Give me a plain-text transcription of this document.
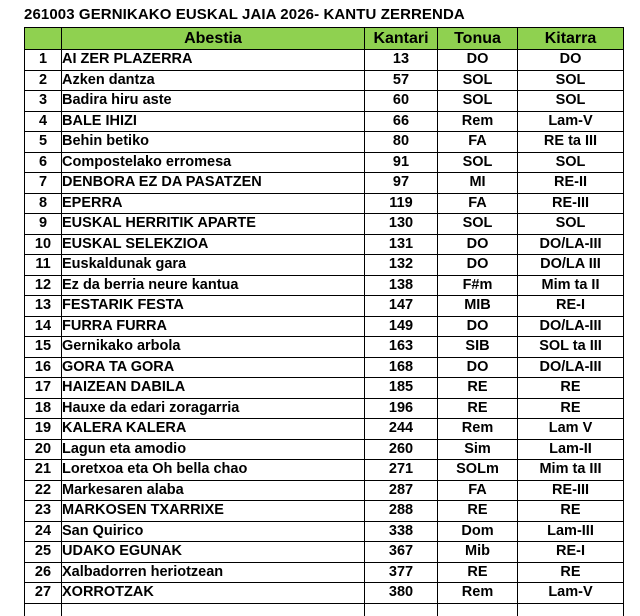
261003 GERNIKAKO EUSKAL JAIA 2026- KANTU ZERRENDA
	Abestia	Kantari	Tonua	Kitarra
1	AI ZER PLAZERRA	13	DO	DO
2	Azken dantza	57	SOL	SOL
3	Badira hiru aste	60	SOL	SOL
4	BALE IHIZI	66	Rem	Lam-V
5	Behin betiko	80	FA	RE ta III
6	Compostelako erromesa	91	SOL	SOL
7	DENBORA EZ DA PASATZEN	97	MI	RE-II
8	EPERRA	119	FA	RE-III
9	EUSKAL HERRITIK APARTE	130	SOL	SOL
10	EUSKAL SELEKZIOA	131	DO	DO/LA-III
11	Euskaldunak gara	132	DO	DO/LA III
12	Ez da berria neure kantua	138	F#m	Mim ta II
13	FESTARIK FESTA	147	MIB	RE-I
14	FURRA FURRA	149	DO	DO/LA-III
15	Gernikako arbola	163	SIB	SOL ta III
16	GORA TA GORA	168	DO	DO/LA-III
17	HAIZEAN DABILA	185	RE	RE
18	Hauxe da edari zoragarria	196	RE	RE
19	KALERA KALERA	244	Rem	Lam V
20	Lagun eta amodio	260	Sim	Lam-II
21	Loretxoa eta Oh bella chao	271	SOLm	Mim ta III
22	Markesaren alaba	287	FA	RE-III
23	MARKOSEN TXARRIXE	288	RE	RE
24	San Quirico	338	Dom	Lam-III
25	UDAKO EGUNAK	367	Mib	RE-I
26	Xalbadorren heriotzean	377	RE	RE
27	XORROTZAK	380	Rem	Lam-V
